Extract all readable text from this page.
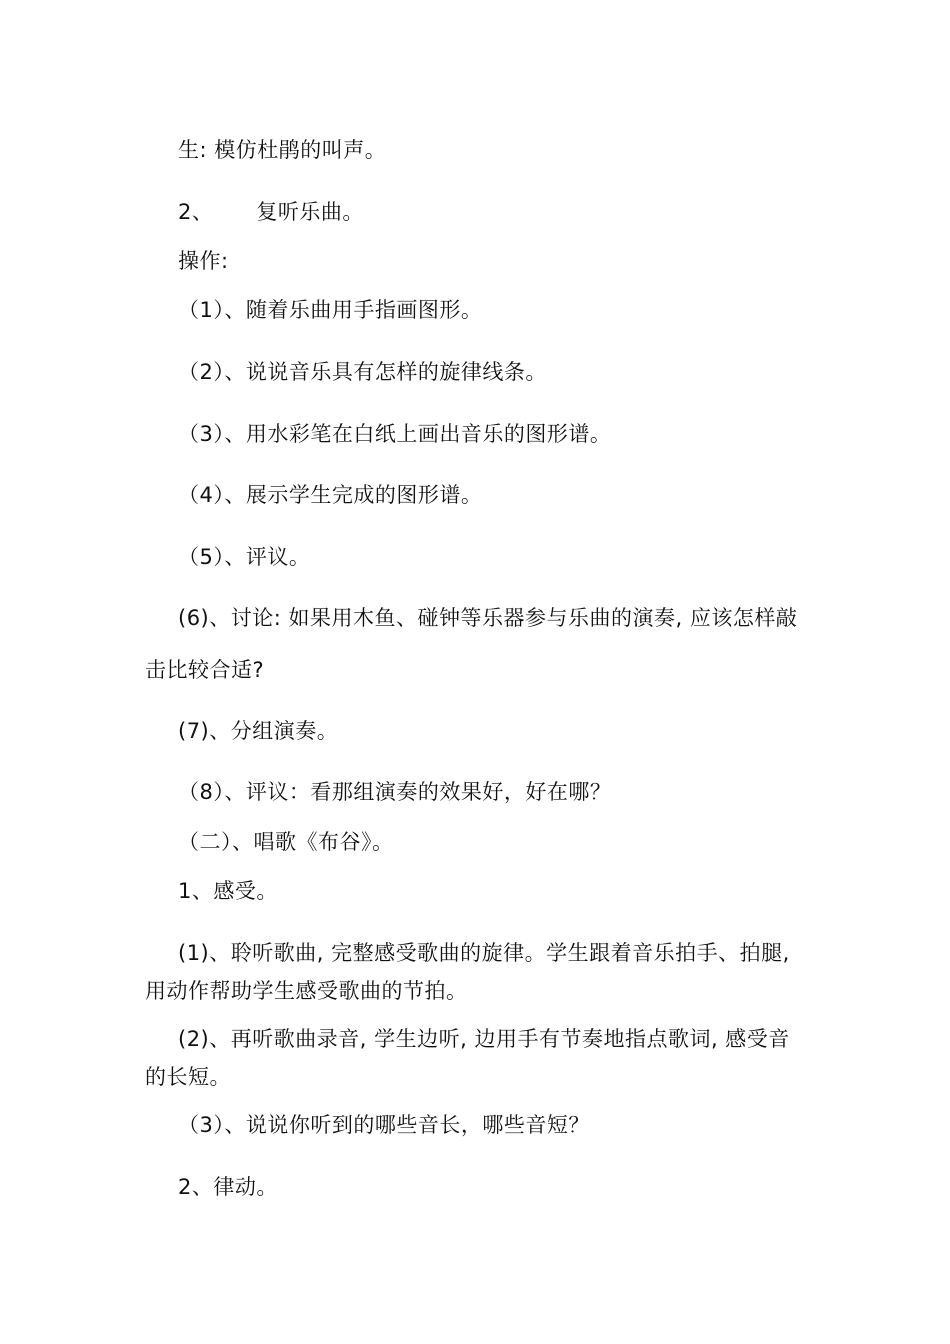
生: 模仿杜鹃的叫声。
2、      复听乐曲。
操作:
（1）、随着乐曲用手指画图形。
（2）、说说音乐具有怎样的旋律线条。
（3）、用水彩笔在白纸上画出音乐的图形谱。
（4）、展示学生完成的图形谱。
（5）、评议。
(6)、讨论: 如果用木鱼、碰钟等乐器参与乐曲的演奏, 应该怎样敲
击比较合适?
(7)、分组演奏。
（8）、评议：看那组演奏的效果好，好在哪？
（二）、唱歌《布谷》。
1、感受。
(1)、聆听歌曲, 完整感受歌曲的旋律。学生跟着音乐拍手、拍腿,
用动作帮助学生感受歌曲的节拍。
(2)、再听歌曲录音, 学生边听, 边用手有节奏地指点歌词, 感受音
的长短。
（3）、说说你听到的哪些音长，哪些音短？
2、律动。
